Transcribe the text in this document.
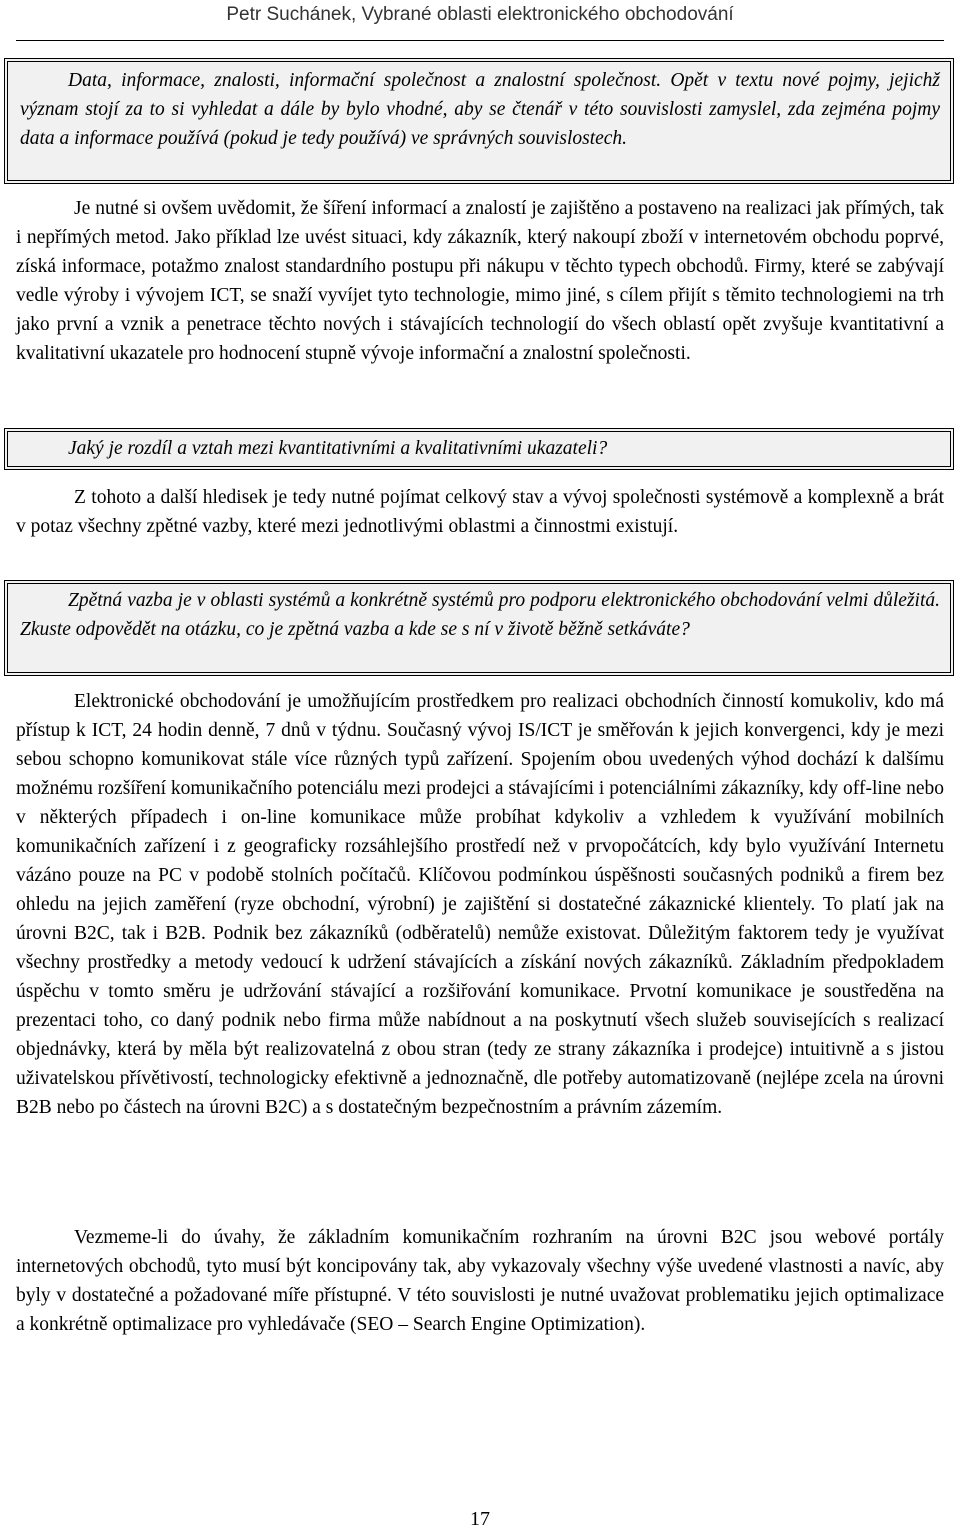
Petr Suchánek, Vybrané oblasti elektronického obchodování
Data, informace, znalosti, informační společnost a znalostní společnost. Opět v textu nové pojmy, jejichž význam stojí za to si vyhledat a dále by bylo vhodné, aby se čtenář v této souvislosti zamyslel, zda zejména pojmy data a informace používá (pokud je tedy používá) ve správných souvislostech.

Je nutné si ovšem uvědomit, že šíření informací a znalostí je zajištěno a postaveno na realizaci jak přímých, tak i nepřímých metod. Jako příklad lze uvést situaci, kdy zákazník, který nakoupí zboží v internetovém obchodu poprvé, získá informace, potažmo znalost standardního postupu při nákupu v těchto typech obchodů. Firmy, které se zabývají vedle výroby i vývojem ICT, se snaží vyvíjet tyto technologie, mimo jiné, s cílem přijít s těmito technologiemi na trh jako první a vznik a penetrace těchto nových i stávajících technologií do všech oblastí opět zvyšuje kvantitativní a kvalitativní ukazatele pro hodnocení stupně vývoje informační a znalostní společnosti.

Jaký je rozdíl a vztah mezi kvantitativními a kvalitativními ukazateli?

Z tohoto a další hledisek je tedy nutné pojímat celkový stav a vývoj společnosti systémově a komplexně a brát v potaz všechny zpětné vazby, které mezi jednotlivými oblastmi a činnostmi existují.

Zpětná vazba je v oblasti systémů a konkrétně systémů pro podporu elektronického obchodování velmi důležitá. Zkuste odpovědět na otázku, co je zpětná vazba a kde se s ní v životě běžně setkáváte?

Elektronické obchodování je umožňujícím prostředkem pro realizaci obchodních činností komukoliv, kdo má přístup k ICT, 24 hodin denně, 7 dnů v týdnu. Současný vývoj IS/ICT je směřován k jejich konvergenci, kdy je mezi sebou schopno komunikovat stále více různých typů zařízení. Spojením obou uvedených výhod dochází k dalšímu možnému rozšíření komunikačního potenciálu mezi prodejci a stávajícími i potenciálními zákazníky, kdy off-line nebo v některých případech i on-line komunikace může probíhat kdykoliv a vzhledem k využívání mobilních komunikačních zařízení i z geograficky rozsáhlejšího prostředí než v prvopočátcích, kdy bylo využívání Internetu vázáno pouze na PC v podobě stolních počítačů. Klíčovou podmínkou úspěšnosti současných podniků a firem bez ohledu na jejich zaměření (ryze obchodní, výrobní) je zajištění si dostatečné zákaznické klientely. To platí jak na úrovni B2C, tak i B2B. Podnik bez zákazníků (odběratelů) nemůže existovat. Důležitým faktorem tedy je využívat všechny prostředky a metody vedoucí k udržení stávajících a získání nových zákazníků. Základním předpokladem úspěchu v tomto směru je udržování stávající a rozšiřování komunikace. Prvotní komunikace je soustředěna na prezentaci toho, co daný podnik nebo firma může nabídnout a na poskytnutí všech služeb souvisejících s realizací objednávky, která by měla být realizovatelná z obou stran (tedy ze strany zákazníka i prodejce) intuitivně a s jistou uživatelskou přívětivostí, technologicky efektivně a jednoznačně, dle potřeby automatizovaně (nejlépe zcela na úrovni B2B nebo po částech na úrovni B2C) a s dostatečným bezpečnostním a právním zázemím.

Vezmeme-li do úvahy, že základním komunikačním rozhraním na úrovni B2C jsou webové portály internetových obchodů, tyto musí být koncipovány tak, aby vykazovaly všechny výše uvedené vlastnosti a navíc, aby byly v dostatečné a požadované míře přístupné. V této souvislosti je nutné uvažovat problematiku jejich optimalizace a konkrétně optimalizace pro vyhledávače (SEO – Search Engine Optimization).

17
